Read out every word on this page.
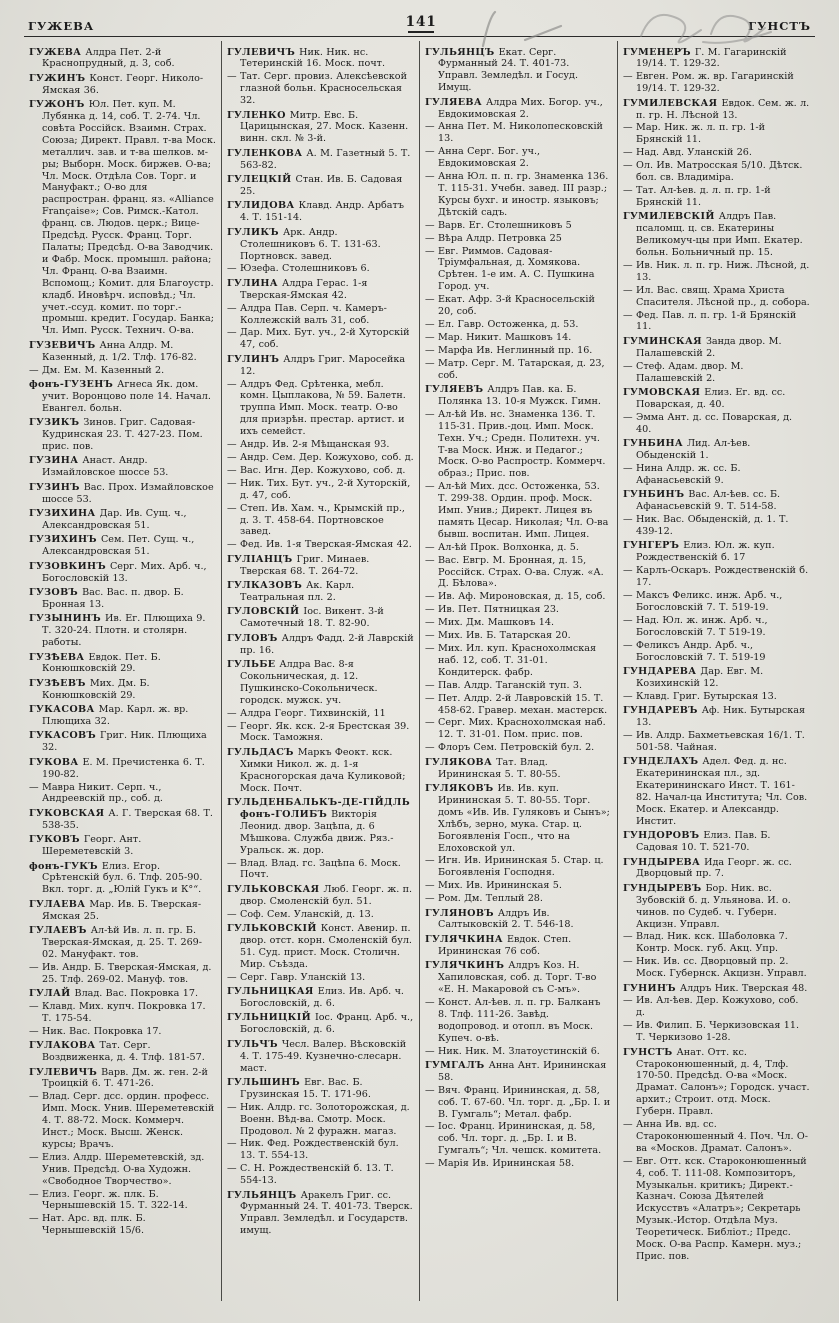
ГУЖЕВА	141	ГУНСТЪ

ГУЖЕВА Алдра Пет. 2-й Краснопрудный, д. 3, соб.

ГУЖИНЪ Конст. Георг. Николо-Ямская 36.

ГУЖОНЪ Юл. Пет. куп. М. Лубянка д. 14, соб. Т. 2-74. Чл. совѣта Россійск. Взаимн. Страх. Союза; Директ. Правл. т-ва Моск. металлич. зав. и т-ва шелков. м-ры; Выборн. Моск. биржев. О-ва; Чл. Моск. Отдѣла Сов. Торг. и Мануфакт.; О-во для распростран. франц. яз. «Alliance Française»; Сов. Римск.-Катол. франц. св. Людов. церк.; Вице-Предсѣд. Русск. Франц. Торг. Палаты; Предсѣд. О-ва Заводчик. и Фабр. Моск. промышл. района; Чл. Франц. О-ва Взаимн. Вспомощ.; Комит. для Благоустр. кладб. Иновѣрч. исповѣд.; Чл. учет.-ссуд. комит. по торг.-промыш. кредит. Государ. Банка; Чл. Имп. Русск. Технич. О-ва.

ГУЗЕВИЧЪ Анна Алдр. М. Казенный, д. 1/2. Тлф. 176-82.

— Дм. Ем. М. Казенный 2.

фонъ-ГУЗЕНЪ Агнеса Як. дом. учит. Воронцово поле 14. Начал. Евангел. больн.

ГУЗИКЪ Зинов. Григ. Садовая-Кудринская 23. Т. 427-23. Пом. прис. пов.

ГУЗИНА Анаст. Андр. Измайловское шоссе 53.

ГУЗИНЪ Вас. Прох. Измайловское шоссе 53.

ГУЗИХИНА Дар. Ив. Сущ. ч., Александровская 51.

ГУЗИХИНЪ Сем. Пет. Сущ. ч., Александровская 51.

ГУЗОВКИНЪ Серг. Мих. Арб. ч., Богословскій 13.

ГУЗОВЪ Вас. Вас. п. двор. Б. Бронная 13.

ГУЗЫНИНЪ Ив. Ег. Плющиха 9. Т. 320-24. Плотн. и столярн. работы.

ГУЗѢЕВА Евдок. Пет. Б. Конюшковскій 29.

ГУЗѢЕВЪ Мих. Дм. Б. Конюшковскій 29.

ГУКАСОВА Мар. Карл. ж. вр. Плющиха 32.

ГУКАСОВЪ Григ. Ник. Плющиха 32.

ГУКОВА Е. М. Пречистенка 6. Т. 190-82.

— Мавра Никит. Серп. ч., Андреевскій пр., соб. д.

ГУКОВСКАЯ А. Г. Тверская 68. Т. 538-35.

ГУКОВЪ Георг. Ант. Шереметевскій 3.

фонъ-ГУКЪ Елиз. Егор. Срѣтенскій бул. 6. Тлф. 205-90. Вкл. торг. д. „Юлій Гукъ и К°“.

ГУЛАЕВА Мар. Ив. Б. Тверская-Ямская 25.

ГУЛАЕВЪ Ал-ѣй Ив. л. п. гр. Б. Тверская-Ямская, д. 25. Т. 269-02. Мануфакт. тов.

— Ив. Андр. Б. Тверская-Ямская, д. 25. Тлф. 269-02. Мануф. тов.

ГУЛАЙ Влад. Вас. Покровка 17.

— Клавд. Мих. купч. Покровка 17. Т. 175-54.

— Ник. Вас. Покровка 17.

ГУЛАКОВА Тат. Серг. Воздвиженка, д. 4. Тлф. 181-57.

ГУЛЕВИЧЪ Варв. Дм. ж. ген. 2-й Троицкій 6. Т. 471-26.

— Влад. Серг. дсс. ордин. професс. Имп. Моск. Унив. Шереметевскій 4. Т. 88-72. Моск. Коммерч. Инст.; Моск. Высш. Женск. курсы; Врачъ.

— Елиз. Алдр. Шереметевскій, зд. Унив. Предсѣд. О-ва Художн. «Свободное Творчество».

— Елиз. Георг. ж. плк. Б. Чернышевскій 15. Т. 322-14.

— Нат. Арс. вд. плк. Б. Чернышевскій 15/6.

ГУЛЕВИЧЪ Ник. Ник. нс. Тетеринскій 16. Моск. почт.

— Тат. Серг. провиз. Алексѣевской глазной больн. Красносельская 32.

ГУЛЕНКО Митр. Евс. Б. Царицынская, 27. Моск. Казенн. винн. скл. № 3-й.

ГУЛЕНКОВА А. М. Газетный 5. Т. 563-82.

ГУЛЕЦКІЙ Стан. Ив. Б. Садовая 25.

ГУЛИДОВА Клавд. Андр. Арбатъ 4. Т. 151-14.

ГУЛИКЪ Арк. Андр. Столешниковъ 6. Т. 131-63. Портновск. завед.

— Юзефа. Столешниковъ 6.

ГУЛИНА Алдра Герас. 1-я Тверская-Ямская 42.

— Алдра Пав. Серп. ч. Камеръ-Коллежскій валъ 31, соб.

— Дар. Мих. Бут. уч., 2-й Хуторскій 47, соб.

ГУЛИНЪ Алдръ Григ. Маросейка 12.

— Алдръ Фед. Срѣтенка, мебл. комн. Цыплакова, № 59. Балетн. труппа Имп. Моск. театр. О-во для призрѣн. престар. артист. и ихъ семейст.

— Андр. Ив. 2-я Мѣщанская 93.

— Андр. Сем. Дер. Кожухово, соб. д.

— Вас. Игн. Дер. Кожухово, соб. д.

— Ник. Тих. Бут. уч., 2-й Хуторскій, д. 47, соб.

— Степ. Ив. Хам. ч., Крымскій пр., д. 3. Т. 458-64. Портновское завед.

— Фед. Ив. 1-я Тверская-Ямская 42.

ГУЛІАНЦЪ Григ. Минаев. Тверская 68. Т. 264-72.

ГУЛКАЗОВЪ Ак. Карл. Театральная пл. 2.

ГУЛОВСКІЙ Іос. Викент. 3-й Самотечный 18. Т. 82-90.

ГУЛОВЪ Алдръ Фадд. 2-й Лаврскій пр. 16.

ГУЛЬБЕ Алдра Вас. 8-я Сокольническая, д. 12. Пушкинско-Сокольническ. городск. мужск. уч.

— Алдра Георг. Тихвинскій, 11

— Георг. Як. кск. 2-я Брестская 39. Моск. Таможня.

ГУЛЬДАСЪ Маркъ Феокт. кск. Химки Никол. ж. д. 1-я Красногорская дача Куликовой; Моск. Почт.

ГУЛЬДЕНБАЛЬКЪ-ДЕ-ГІЙДЛЬ фонъ-ГОЛИБЪ Викторія Леонид. двор. Зацѣпа, д. 6 Мѣшкова. Служба движ. Ряз.-Уральск. ж. дор.

— Влад. Влад. гс. Зацѣпа 6. Моск. Почт.

ГУЛЬКОВСКАЯ Люб. Георг. ж. п. двор. Смоленскій бул. 51.

— Соф. Сем. Уланскій, д. 13.

ГУЛЬКОВСКІЙ Конст. Авенир. п. двор. отст. корн. Смоленскій бул. 51. Суд. прист. Моск. Столичн. Мир. Съѣзда.

— Серг. Гавр. Уланскій 13.

ГУЛЬНИЦКАЯ Елиз. Ив. Арб. ч. Богословскій, д. 6.

ГУЛЬНИЦКІЙ Іос. Франц. Арб. ч., Богословскій, д. 6.

ГУЛЬЧЪ Чесл. Валер. Вѣсковскій 4. Т. 175-49. Кузнечно-слесарн. маст.

ГУЛЬШИНЪ Евг. Вас. Б. Грузинская 15. Т. 171-96.

— Ник. Алдр. гс. Золоторожская, д. Военн. Вѣд-ва. Смотр. Моск. Продовол. № 2 фуражн. магаз.

— Ник. Фед. Рождественскій бул. 13. Т. 554-13.

— С. Н. Рождественскій б. 13. Т. 554-13.

ГУЛЬЯНЦЪ Аракелъ Григ. сс. Фурманный 24. Т. 401-73. Тверск. Управл. Земледѣл. и Государств. имущ.

ГУЛЬЯНЦЪ Екат. Серг. Фурманный 24. Т. 401-73. Управл. Земледѣл. и Госуд. Имущ.

ГУЛЯЕВА Алдра Мих. Богор. уч., Евдокимовская 2.

— Анна Пет. М. Николопесковскій 13.

— Анна Серг. Бог. уч., Евдокимовская 2.

— Анна Юл. п. п. гр. Знаменка 136. Т. 115-31. Учебн. завед. III разр.; Курсы бухг. и иностр. языковъ; Дѣтскій садъ.

— Варв. Ег. Столешниковъ 5

— Вѣра Алдр. Петровка 25

— Евг. Риммов. Садовая-Тріумфальная, д. Хомякова. Срѣтен. 1-е им. А. С. Пушкина Город. уч.

— Екат. Афр. 3-й Красносельскій 20, соб.

— Ел. Гавр. Остоженка, д. 53.

— Мар. Никит. Машковъ 14.

— Марфа Ив. Неглинный пр. 16.

— Матр. Серг. М. Татарская, д. 23, соб.

ГУЛЯЕВЪ Алдръ Пав. ка. Б. Полянка 13. 10-я Мужск. Гимн.

— Ал-ѣй Ив. нс. Знаменка 136. Т. 115-31. Прив.-доц. Имп. Моск. Техн. Уч.; Средн. Политехн. уч. Т-ва Моск. Инж. и Педагог.; Моск. О-во Распростр. Коммерч. образ.; Прис. пов.

— Ал-ѣй Мих. дсс. Остоженка, 53. Т. 299-38. Ордин. проф. Моск. Имп. Унив.; Директ. Лицея въ память Цесар. Николая; Чл. О-ва бывш. воспитан. Имп. Лицея.

— Ал-ѣй Прок. Волхонка, д. 5.

— Вас. Евгр. М. Бронная, д. 15, Россійск. Страх. О-ва. Служ. «А. Д. Бѣлова».

— Ив. Аф. Мироновская, д. 15, соб.

— Ив. Пет. Пятницкая 23.

— Мих. Дм. Машковъ 14.

— Мих. Ив. Б. Татарская 20.

— Мих. Ил. куп. Краснохолмская наб. 12, соб. Т. 31-01. Кондитерск. фабр.

— Пав. Алдр. Таганскій туп. 3.

— Пет. Алдр. 2-й Лавровскій 15. Т. 458-62. Гравер. механ. мастерск.

— Серг. Мих. Краснохолмская наб. 12. Т. 31-01. Пом. прис. пов.

— Флоръ Сем. Петровскій бул. 2.

ГУЛЯКОВА Тат. Влад. Ирининская 5. Т. 80-55.

ГУЛЯКОВЪ Ив. Ив. куп. Ирининская 5. Т. 80-55. Торг. домъ «Ив. Ив. Гуляковъ и Сынъ»; Хлѣбъ, зерно, мука. Стар. ц. Богоявленія Госп., что на Елоховской ул.

— Игн. Ив. Ирининская 5. Стар. ц. Богоявленія Господня.

— Мих. Ив. Ирининская 5.

— Ром. Дм. Теплый 28.

ГУЛЯНОВЪ Алдръ Ив. Салтыковскій 2. Т. 546-18.

ГУЛЯЧКИНА Евдок. Степ. Ирининская 76 соб.

ГУЛЯЧКИНЪ Алдръ Коз. Н. Хапиловская, соб. д. Торг. Т-во «Е. Н. Макаровой съ С-мъ».

— Конст. Ал-ѣев. л. п. гр. Балканъ 8. Тлф. 111-26. Завѣд. водопровод. и отопл. въ Моск. Купеч. о-вѣ.

— Ник. Ник. М. Златоустинскій 6.

ГУМГАЛЪ Анна Ант. Ирининская 58.

— Вяч. Франц. Ирининская, д. 58, соб. Т. 67-60. Чл. торг. д. „Бр. І. и В. Гумгаль“; Метал. фабр.

— Іос. Франц. Ирининская, д. 58, соб. Чл. торг. д. „Бр. І. и В. Гумгалъ“; Чл. чешск. комитета.

— Марія Ив. Ирининская 58.

ГУМЕНЕРЪ Г. М. Гагаринскій 19/14. Т. 129-32.

— Евген. Ром. ж. вр. Гагаринскій 19/14. Т. 129-32.

ГУМИЛЕВСКАЯ Евдок. Сем. ж. л. п. гр. Н. Лѣсной 13.

— Мар. Ник. ж. л. п. гр. 1-й Брянскій 11.

— Над. Авд. Уланскій 26.

— Ол. Ив. Матросская 5/10. Дѣтск. бол. св. Владиміра.

— Тат. Ал-ѣев. д. л. п. гр. 1-й Брянскій 11.

ГУМИЛЕВСКІЙ Алдръ Пав. псаломщ. ц. св. Екатерины Великомуч-цы при Имп. Екатер. больн. Больничный пр. 15.

— Ив. Ник. л. п. гр. Ниж. Лѣсной, д. 13.

— Ил. Вас. свящ. Храма Христа Спасителя. Лѣсной пр., д. собора.

— Фед. Пав. л. п. гр. 1-й Брянскій 11.

ГУМИНСКАЯ Занда двор. М. Палашевскій 2.

— Стеф. Адам. двор. М. Палашевскій 2.

ГУМОВСКАЯ Елиз. Ег. вд. сс. Поварская, д. 40.

— Эмма Ант. д. сс. Поварская, д. 40.

ГУНБИНА Лид. Ал-ѣев. Обыденскій 1.

— Нина Алдр. ж. сс. Б. Афанасьевскій 9.

ГУНБИНЪ Вас. Ал-ѣев. сс. Б. Афанасьевскій 9. Т. 514-58.

— Ник. Вас. Обыденскій, д. 1. Т. 439-12.

ГУНГЕРЪ Елиз. Юл. ж. куп. Рождественскій б. 17

— Карлъ-Оскаръ. Рождественскій б. 17.

— Максъ Феликс. инж. Арб. ч., Богословскій 7. Т. 519-19.

— Над. Юл. ж. инж. Арб. ч., Богословскій 7. Т 519-19.

— Феликсъ Андр. Арб. ч., Богословскій 7. Т. 519-19

ГУНДАРЕВА Дар. Евг. М. Козихинскій 12.

— Клавд. Григ. Бутырская 13.

ГУНДАРЕВЪ Аф. Ник. Бутырская 13.

— Ив. Алдр. Бахметьевская 16/1. Т. 501-58. Чайная.

ГУНДЕЛАХЪ Адел. Фед. д. нс. Екатерининская пл., зд. Екатерининскаго Инст. Т. 161-82. Начал-ца Института; Чл. Сов. Моск. Екатер. и Александр. Инстит.

ГУНДОРОВЪ Елиз. Пав. Б. Садовая 10. Т. 521-70.

ГУНДЫРЕВА Ида Георг. ж. сс. Дворцовый пр. 7.

ГУНДЫРЕВЪ Бор. Ник. вс. Зубовскій б. д. Ульянова. И. о. чинов. по Судеб. ч. Губерн. Акцизн. Управл.

— Влад. Ник. кск. Шаболовка 7. Контр. Моск. губ. Акц. Упр.

— Ник. Ив. сс. Дворцовый пр. 2. Моск. Губернск. Акцизн. Управл.

ГУНИНЪ Алдръ Ник. Тверская 48.

— Ив. Ал-ѣев. Дер. Кожухово, соб. д.

— Ив. Филип. Б. Черкизовская 11. Т. Черкизово 1-28.

ГУНСТЪ Анат. Отт. кс. Староконюшенный, д. 4, Тлф. 170-50. Предсѣд. О-ва «Моск. Драмат. Салонъ»; Городск. участ. архит.; Строит. отд. Моск. Губерн. Правл.

— Анна Ив. вд. сс. Староконюшенный 4. Поч. Чл. О-ва «Москов. Драмат. Салонъ».

— Евг. Отт. кск. Староконюшенный 4, соб. Т. 111-08. Композиторъ, Музыкальн. критикъ; Директ.-Казнач. Союза Дѣятелей Искусствъ «Алатръ»; Секретарь Музык.-Истор. Отдѣла Муз. Теоретическ. Библіот.; Предс. Моск. О-ва Распр. Камерн. муз.; Прис. пов.
